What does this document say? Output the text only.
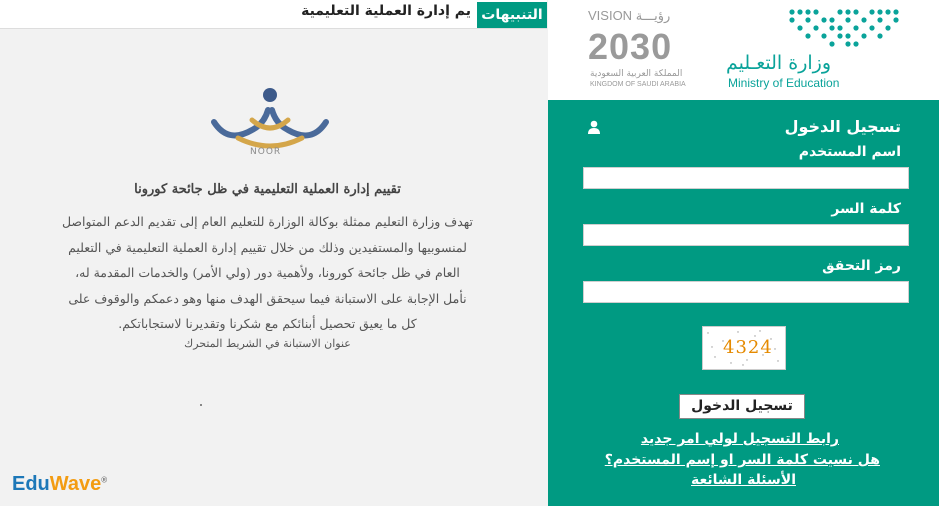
التنبيهات
يم إدارة العملية التعليمية
NOOR
تقييم إدارة العملية التعليمية في ظل جائحة كورونا
تهدف وزارة التعليم ممثلة بوكالة الوزارة للتعليم العام إلى تقديم الدعم المتواصل
لمنسوبيها والمستفيدين وذلك من خلال تقييم إدارة العملية التعليمية في التعليم
العام في ظل جائحة كورونا، ولأهمية دور (ولي الأمر) والخدمات المقدمة له،
نأمل الإجابة على الاستبانة فيما سيحقق الهدف منها وهو دعمكم والوقوف على
كل ما يعيق تحصيل أبنائكم مع شكرنا وتقديرنا لاستجاباتكم.
عنوان الاستبانة في الشريط المتحرك
EduWave®
VISION رؤيـــة
2030
المملكة العربية السعودية
KINGDOM OF SAUDI ARABIA
وزارة التعـليم
Ministry of Education
تسجيل الدخول
اسم المستخدم
كلمة السر
رمز التحقق
4324
تسجيل الدخول
رابط التسجيل لولي امر جديد
هل نسيت كلمة السر او إسم المستخدم؟
الأسئلة الشائعة
